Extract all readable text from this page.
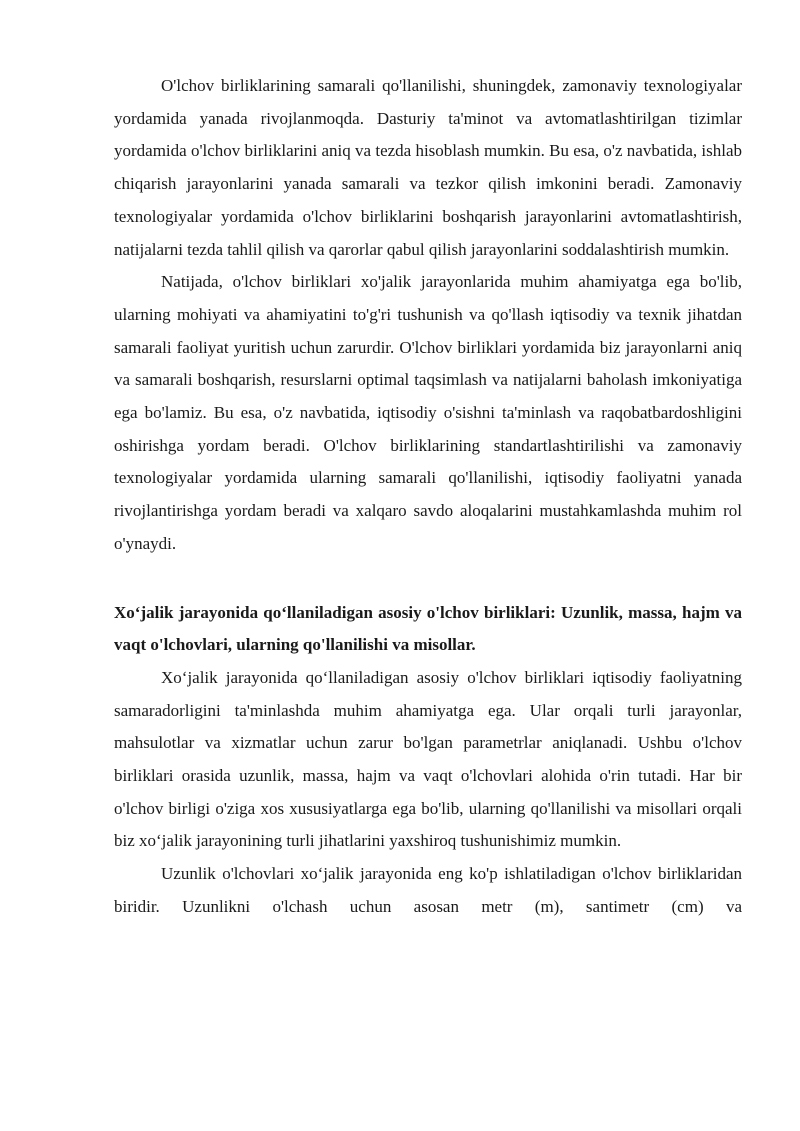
O'lchov birliklarining samarali qo'llanilishi, shuningdek, zamonaviy texnologiyalar yordamida yanada rivojlanmoqda. Dasturiy ta'minot va avtomatlashtirilgan tizimlar yordamida o'lchov birliklarini aniq va tezda hisoblash mumkin. Bu esa, o'z navbatida, ishlab chiqarish jarayonlarini yanada samarali va tezkor qilish imkonini beradi. Zamonaviy texnologiyalar yordamida o'lchov birliklarini boshqarish jarayonlarini avtomatlashtirish, natijalarni tezda tahlil qilish va qarorlar qabul qilish jarayonlarini soddalashtirish mumkin.

Natijada, o'lchov birliklari xo'jalik jarayonlarida muhim ahamiyatga ega bo'lib, ularning mohiyati va ahamiyatini to'g'ri tushunish va qo'llash iqtisodiy va texnik jihatdan samarali faoliyat yuritish uchun zarurdir. O'lchov birliklari yordamida biz jarayonlarni aniq va samarali boshqarish, resurslarni optimal taqsimlash va natijalarni baholash imkoniyatiga ega bo'lamiz. Bu esa, o'z navbatida, iqtisodiy o'sishni ta'minlash va raqobatbardoshligini oshirishga yordam beradi. O'lchov birliklarining standartlashtirilishi va zamonaviy texnologiyalar yordamida ularning samarali qo'llanilishi, iqtisodiy faoliyatni yanada rivojlantirishga yordam beradi va xalqaro savdo aloqalarini mustahkamlashda muhim rol o'ynaydi.

Xo‘jalik jarayonida qo‘llaniladigan asosiy o'lchov birliklari: Uzunlik, massa, hajm va vaqt o'lchovlari, ularning qo'llanilishi va misollar.

Xo‘jalik jarayonida qo‘llaniladigan asosiy o'lchov birliklari iqtisodiy faoliyatning samaradorligini ta'minlashda muhim ahamiyatga ega. Ular orqali turli jarayonlar, mahsulotlar va xizmatlar uchun zarur bo'lgan parametrlar aniqlanadi. Ushbu o'lchov birliklari orasida uzunlik, massa, hajm va vaqt o'lchovlari alohida o'rin tutadi. Har bir o'lchov birligi o'ziga xos xususiyatlarga ega bo'lib, ularning qo'llanilishi va misollari orqali biz xo‘jalik jarayonining turli jihatlarini yaxshiroq tushunishimiz mumkin.

Uzunlik o'lchovlari xo‘jalik jarayonida eng ko'p ishlatiladigan o'lchov birliklaridan biridir. Uzunlikni o'lchash uchun asosan metr (m), santimetr (cm) va
